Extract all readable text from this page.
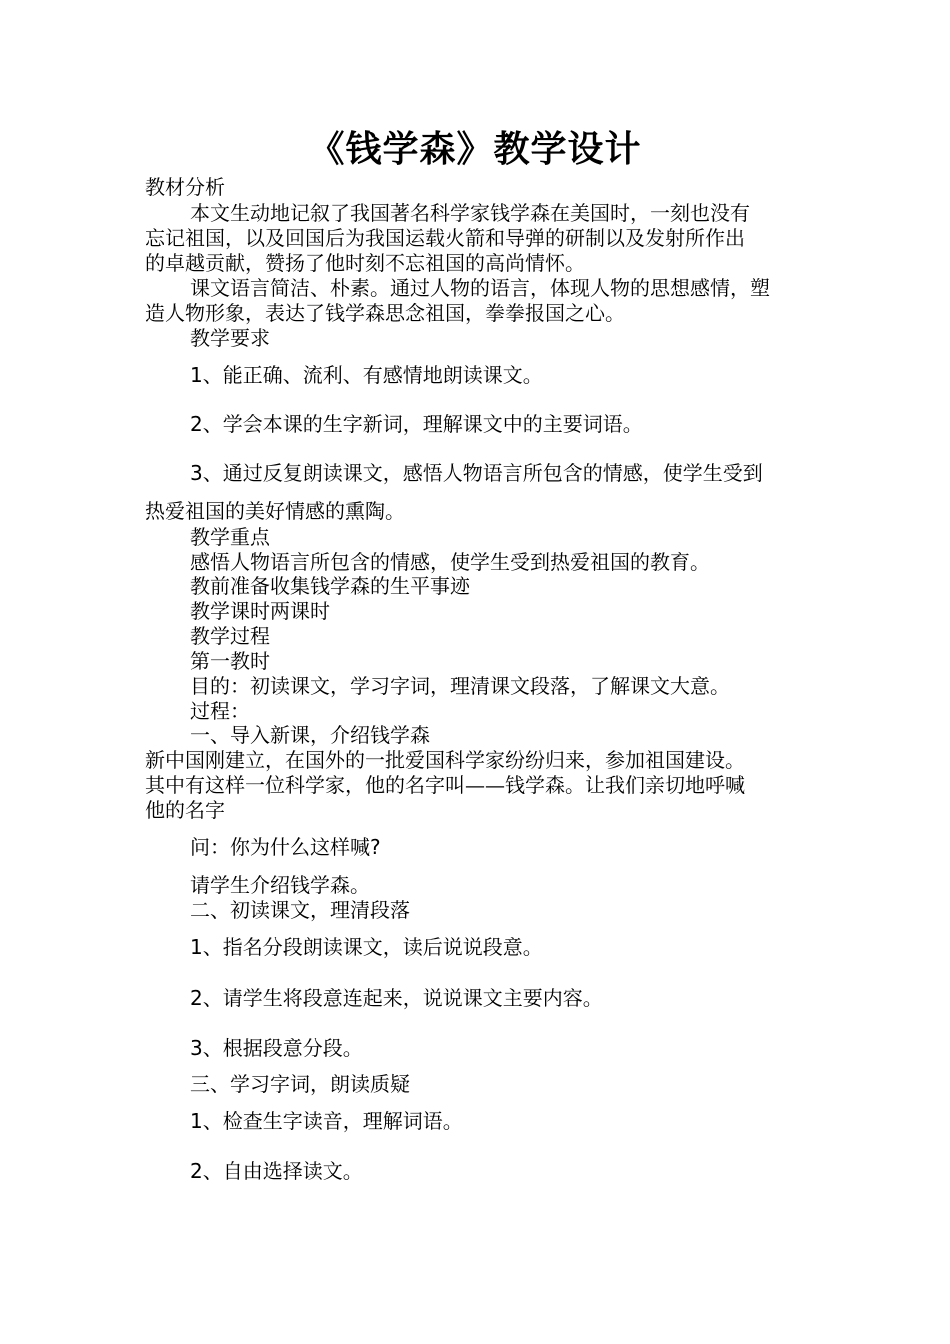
《钱学森》教学设计

教材分析

本文生动地记叙了我国著名科学家钱学森在美国时，一刻也没有

忘记祖国，以及回国后为我国运载火箭和导弹的研制以及发射所作出

的卓越贡献，赞扬了他时刻不忘祖国的高尚情怀。

课文语言简洁、朴素。通过人物的语言，体现人物的思想感情，塑

造人物形象，表达了钱学森思念祖国，拳拳报国之心。

教学要求

1、能正确、流利、有感情地朗读课文。

2、学会本课的生字新词，理解课文中的主要词语。

3、通过反复朗读课文，感悟人物语言所包含的情感，使学生受到

热爱祖国的美好情感的熏陶。

教学重点

感悟人物语言所包含的情感，使学生受到热爱祖国的教育。

教前准备收集钱学森的生平事迹

教学课时两课时

教学过程

第一教时

目的：初读课文，学习字词，理清课文段落，了解课文大意。

过程：

一、导入新课，介绍钱学森

新中国刚建立，在国外的一批爱国科学家纷纷归来，参加祖国建设。

其中有这样一位科学家，他的名字叫——钱学森。让我们亲切地呼喊

他的名字

问：你为什么这样喊?

请学生介绍钱学森。

二、初读课文，理清段落

1、指名分段朗读课文，读后说说段意。

2、请学生将段意连起来，说说课文主要内容。

3、根据段意分段。

三、学习字词，朗读质疑

1、检查生字读音，理解词语。

2、自由选择读文。
